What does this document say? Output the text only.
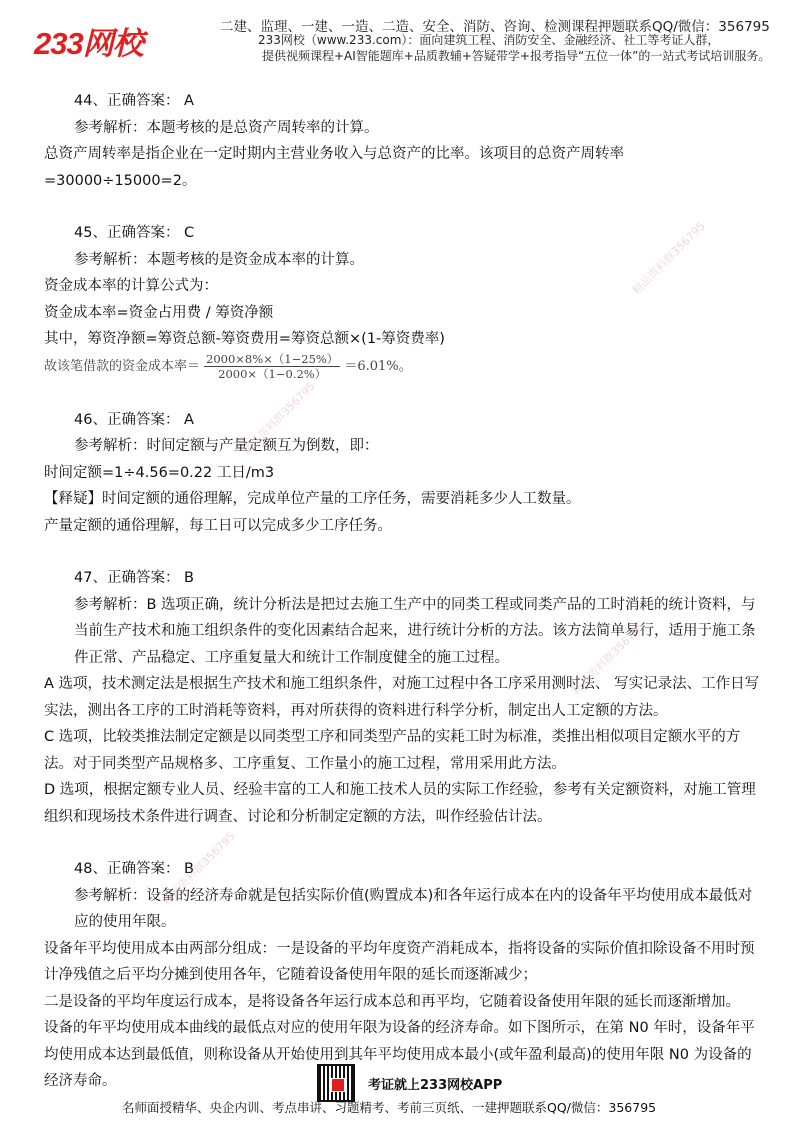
233网校	二建、监理、一建、一造、二造、安全、消防、咨询、检测课程押题联系QQ/微信：356795
233网校（www.233.com）：面向建筑工程、消防安全、金融经济、社工等考证人群，
提供视频课程+AI智能题库+品质教辅+答疑带学+报考指导“五位一体”的一站式考试培训服务。

44、正确答案： A

参考解析：本题考核的是总资产周转率的计算。

总资产周转率是指企业在一定时期内主营业务收入与总资产的比率。该项目的总资产周转率=30000÷15000=2。

45、正确答案： C

参考解析：本题考核的是资金成本率的计算。

资金成本率的计算公式为：

资金成本率=资金占用费 / 筹资净额

其中，筹资净额=筹资总额-筹资费用=筹资总额×(1-筹资费率)

故该笔借款的资金成本率＝ $\frac{2000\times 8\%\times(1-25\%)}{2000\times(1-0.2\%)} =6.01\%$。

46、正确答案： A

参考解析：时间定额与产量定额互为倒数，即：

时间定额=1÷4.56=0.22 工日/m3

【释疑】时间定额的通俗理解，完成单位产量的工序任务，需要消耗多少人工数量。

产量定额的通俗理解，每工日可以完成多少工序任务。

47、正确答案： B

参考解析：B 选项正确，统计分析法是把过去施工生产中的同类工程或同类产品的工时消耗的统计资料，与当前生产技术和施工组织条件的变化因素结合起来，进行统计分析的方法。该方法简单易行，适用于施工条件正常、产品稳定、工序重复量大和统计工作制度健全的施工过程。

A 选项，技术测定法是根据生产技术和施工组织条件，对施工过程中各工序采用测时法、 写实记录法、工作日写实法，测出各工序的工时消耗等资料，再对所获得的资料进行科学分析，制定出人工定额的方法。

C 选项，比较类推法制定定额是以同类型工序和同类型产品的实耗工时为标准，类推出相似项目定额水平的方法。对于同类型产品规格多、工序重复、工作量小的施工过程，常用采用此方法。

D 选项，根据定额专业人员、经验丰富的工人和施工技术人员的实际工作经验，参考有关定额资料，对施工管理组织和现场技术条件进行调查、讨论和分析制定定额的方法，叫作经验估计法。

48、正确答案： B

参考解析：设备的经济寿命就是包括实际价值(购置成本)和各年运行成本在内的设备年平均使用成本最低对应的使用年限。

设备年平均使用成本由两部分组成：一是设备的平均年度资产消耗成本，指将设备的实际价值扣除设备不用时预计净残值之后平均分摊到使用各年，它随着设备使用年限的延长而逐渐减少；

二是设备的平均年度运行成本，是将设备各年运行成本总和再平均，它随着设备使用年限的延长而逐渐增加。

设备的年平均使用成本曲线的最低点对应的使用年限为设备的经济寿命。如下图所示，在第 N0 年时，设备年平均使用成本达到最低值，则称设备从开始使用到其年平均使用成本最小(或年盈利最高)的使用年限 N0 为设备的经济寿命。	考证就上233网校APP
名师面授精华、央企内训、考点串讲、习题精考、考前三页纸、一建押题联系QQ/微信：356795
精品资料群356795
精品资料群356795
精品资料群356795
精品资料群356795
